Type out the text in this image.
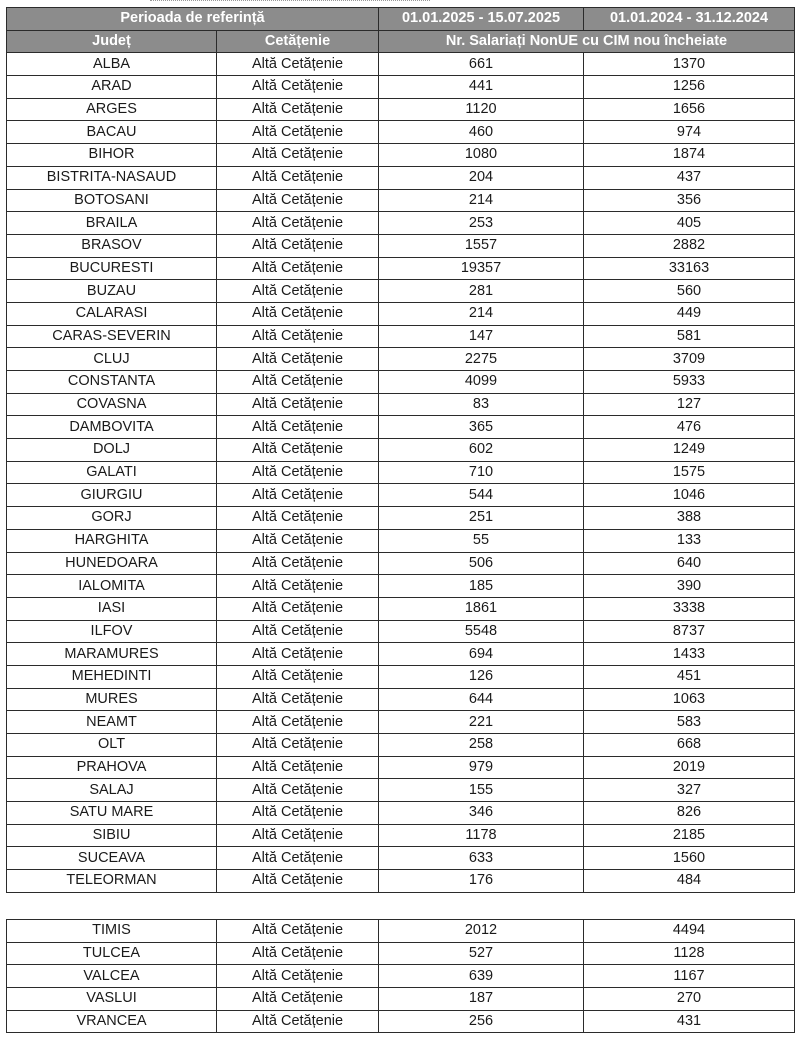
Perioada de referință		01.01.2025 - 15.07.2025	01.01.2024 - 31.12.2024
Județ	Cetățenie	Nr. Salariați NonUE cu CIM nou încheiate	
ALBA	Altă Cetățenie	661	1370
ARAD	Altă Cetățenie	441	1256
ARGES	Altă Cetățenie	1120	1656
BACAU	Altă Cetățenie	460	974
BIHOR	Altă Cetățenie	1080	1874
BISTRITA-NASAUD	Altă Cetățenie	204	437
BOTOSANI	Altă Cetățenie	214	356
BRAILA	Altă Cetățenie	253	405
BRASOV	Altă Cetățenie	1557	2882
BUCURESTI	Altă Cetățenie	19357	33163
BUZAU	Altă Cetățenie	281	560
CALARASI	Altă Cetățenie	214	449
CARAS-SEVERIN	Altă Cetățenie	147	581
CLUJ	Altă Cetățenie	2275	3709
CONSTANTA	Altă Cetățenie	4099	5933
COVASNA	Altă Cetățenie	83	127
DAMBOVITA	Altă Cetățenie	365	476
DOLJ	Altă Cetățenie	602	1249
GALATI	Altă Cetățenie	710	1575
GIURGIU	Altă Cetățenie	544	1046
GORJ	Altă Cetățenie	251	388
HARGHITA	Altă Cetățenie	55	133
HUNEDOARA	Altă Cetățenie	506	640
IALOMITA	Altă Cetățenie	185	390
IASI	Altă Cetățenie	1861	3338
ILFOV	Altă Cetățenie	5548	8737
MARAMURES	Altă Cetățenie	694	1433
MEHEDINTI	Altă Cetățenie	126	451
MURES	Altă Cetățenie	644	1063
NEAMT	Altă Cetățenie	221	583
OLT	Altă Cetățenie	258	668
PRAHOVA	Altă Cetățenie	979	2019
SALAJ	Altă Cetățenie	155	327
SATU MARE	Altă Cetățenie	346	826
SIBIU	Altă Cetățenie	1178	2185
SUCEAVA	Altă Cetățenie	633	1560
TELEORMAN	Altă Cetățenie	176	484
TIMIS	Altă Cetățenie	2012	4494
TULCEA	Altă Cetățenie	527	1128
VALCEA	Altă Cetățenie	639	1167
VASLUI	Altă Cetățenie	187	270
VRANCEA	Altă Cetățenie	256	431
